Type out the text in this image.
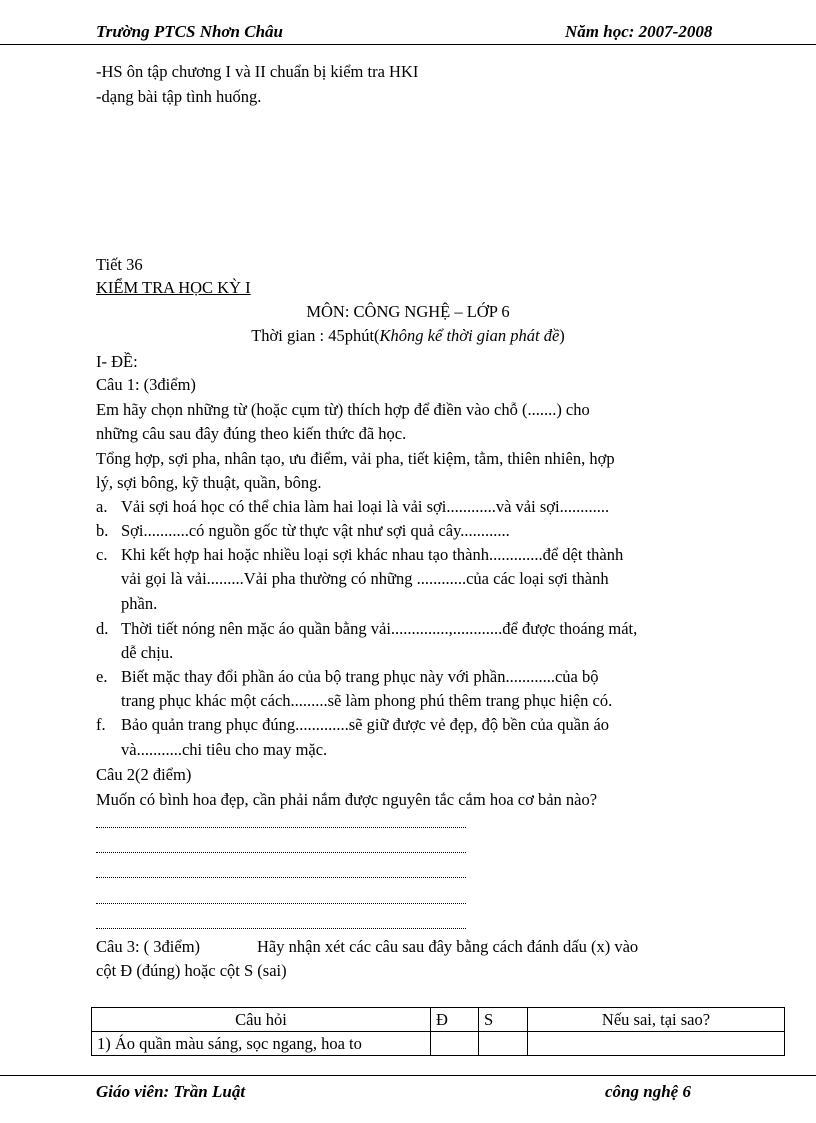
Trường PTCS Nhơn Châu	Năm học: 2007-2008
-HS ôn tập chương I và II chuẩn bị kiểm tra HKI
-dạng bài tập tình huống.
Tiết 36
KIỂM TRA HỌC KỲ I
MÔN: CÔNG NGHỆ – LỚP 6
Thời gian : 45phút(Không kể thời gian phát đề)
I- ĐỀ:
Câu 1: (3điểm)
Em hãy chọn những từ (hoặc cụm từ) thích hợp để điền vào chỗ (.......) cho
những câu sau đây đúng theo kiến thức đã học.
Tổng hợp, sợi pha, nhân tạo, ưu điểm, vải pha, tiết kiệm, tằm, thiên nhiên, hợp
lý, sợi bông, kỹ thuật, quần, bông.
a. Vải sợi hoá học có thể chia làm hai loại là vải sợi............và vải sợi............
b. Sợi...........có nguồn gốc từ thực vật như sợi quả cây............
c. Khi kết hợp hai hoặc nhiều loại sợi khác nhau tạo thành.............để dệt thành
vải gọi là vải.........Vải pha thường có những ............của các loại sợi thành
phần.
d. Thời tiết nóng nên mặc áo quần bằng vải..............,............để được thoáng mát,
dễ chịu.
e. Biết mặc thay đổi phần áo của bộ trang phục này với phần............của bộ
trang phục khác một cách.........sẽ làm phong phú thêm trang phục hiện có.
f. Bảo quản trang phục đúng.............sẽ giữ được vẻ đẹp, độ bền của quần áo
và...........chi tiêu cho may mặc.
Câu 2(2 điểm)
Muốn có bình hoa đẹp, cần phải nắm được nguyên tắc cắm hoa cơ bản nào?
Câu 3: ( 3điểm)	Hãy nhận xét các câu sau đây bằng cách đánh dấu (x) vào
cột Đ (đúng) hoặc cột S (sai)
Câu hỏi	Đ	S	Nếu sai, tại sao?
1) Áo quần màu sáng, sọc ngang, hoa to			
Giáo viên: Trần Luật	công nghệ 6
